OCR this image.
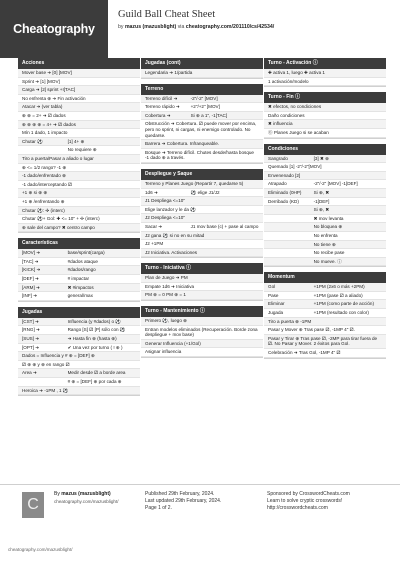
Cheatography
Guild Ball Cheat Sheet
by mazus (mazusblight) via cheatography.com/201110/cs/42534/
Acciones
Mover base ➜ [0] [MOV]
Sprint ➜ [1] [MOV]
Carga ➜ [2] sprint +I[TAC]
No enfrenta ⊕ ➜ Fin activación
Atacar ➜ (ver tabla)
⊕ ⊕ = 2+ ➜ ⚂ dados
⊕ ⊕ ⊕ ⊕ = 4+ ➜ ⚂ dados
Mín 1 dado, 1 impacto
Chutar ⚽	[1] 4+ ⊕
No requiere ⊕
Tiro a puerta/Pasar a aliado o lugar
⊕ <= 1/2 rango? -1 ⊕
-1 dado/enfrentado ⊕
-1 dado/interceptando ⚂
+1 ⊕ si ⊕ ⊕
+1 ⊕ /enfrentando ⊕
Chutar ⚽: ✣ (interc)
Chutar ⚽+ Gol: ✚ <= 10" + ✣ (interc)
⊕ sale del campo? ✖ centro campo
Características
[MOV] ➜	base/sprint(carga)
[TAC] ➜	#dados ataque
[KICK] ➜	#dados/rango
[DEF] ➜	# impactar
[ARM] ➜	✖ #impactos
[INF] ➜	general/max
Jugadas
[CST] ➜	Influencia (y #dados) o ⚽
[RNG] ➜	Rango [S] ⚂ [P] sólo con ⚽
[SUS] ➜	➜ Hasta fin ⊕ (hasta ⊕)
[OPT] ➜	✔ Una vez por turno ( ! ⊕ )
Dados = Influencia y # ⊕ = [DEF] ⊕
⚂ ⊕ ⊕ y ⊕ en rango ⚂
Area ➜	Medir desde ⚂ a borde area
# ⊕ = [DEF] ⊕ por cada ⊕
Heroica ➜ -1PM , 1 ⚽
Jugadas (cont)
Legendaria ➜ 1/partida
Terreno
Terreno difícil ➜	-2"/-2" [MOV]
Terreno rápido ➜	+2"/+2" [MOV]
Cobertura ➜	Si ⊕ a 1", -1[TAC]
Obstrucción ➜ Cobertura. ⚂ puede mover por encima, pero no sprint, ni cargas, ni enemigo controlado. No quedarse.
Barrera ➜ Cobertura. Infranqueable.
Bosque ➜ Terreno difícil. Chutes desde/hasta bosque -1 dado ⊕ a través.
Despliegue y Saque
Terreno y Planes Juego (Repartir 7, quedarse 5)
1d6 ➜	⚽ elige J1/J2
J1 Despliega <=10"
Elige lanzador y le da ⚽
J2 Despliega <=10"
Sacar ➜	J1 mov base (c) + pase al campo
J2 gana ⚽ si no en su mitad
J2 +1PM
J2 Iniciativa. Activaciones
Turno - Iniciativa ⓘ
Plan de Juego ➜ PM
Empate 1d6 ➜ Iniciativa
PM ⊕ = 0 PM ⊕ = 1
Turno - Mantenimiento ⓘ
Primero ⚽, luego ⊕
Entran modelos eliminados (Recuperación. Borde zona despliegue + mov base)
Generar Influencia (+1/Gol)
Asignar influencia
Turno - Activación ⓘ
✚ activa 1, luego ✚ activa 1
1 activación/modelo
Turno - Fin ⓘ
✖ efectos, no condiciones
Daño condiciones
✖ influencia
⓪ Planes Juego si se acaban
Condiciones
Sangrado	[3] ✖ ⊕
Quemado [1] -2"/-2"[MOV]
Envenenado [2]
Atrapado	-2"/-2" [MOV] -1[DEF]
Eliminado (0HP)	Si ⊕, ✖
Derribado (KD)	-1[DEF]
Si ⊕, ✖
✖ mov levanta
No bloquea ⊕
No enfrenta
No tiene ⊕
No recibe pase
No mueve. ⓘ
Momentum
Gol	+1PM (2x6 o más +2PM)
Pase	+1PM (pase ⚂ a aliado)
Eliminar	+1PM (como parte de acción)
Jugada	+1PM (resultado con color)
Tiro a puerta ⊕ -1PM
Pasar y Mover ⊕ Tras pase ⚂, -1MP 4" ⚂.
Pasar y Tirar ⊕ Tras pase ⚂, -2MP para tirar fuera de ⚂. No Pasar y Mover. 2 éxitos para Gol.
Celebración ➜ Tras Gol, -1MP 4" ⚂
C
By mazus (mazusblight)
cheatography.com/mazusblight/
Published 29th February, 2024.
Last updated 29th February, 2024.
Page 1 of 2.
Sponsored by CrosswordCheats.com
Learn to solve cryptic crosswords!
http://crosswordcheats.com
cheatography.com/mazusblight/
